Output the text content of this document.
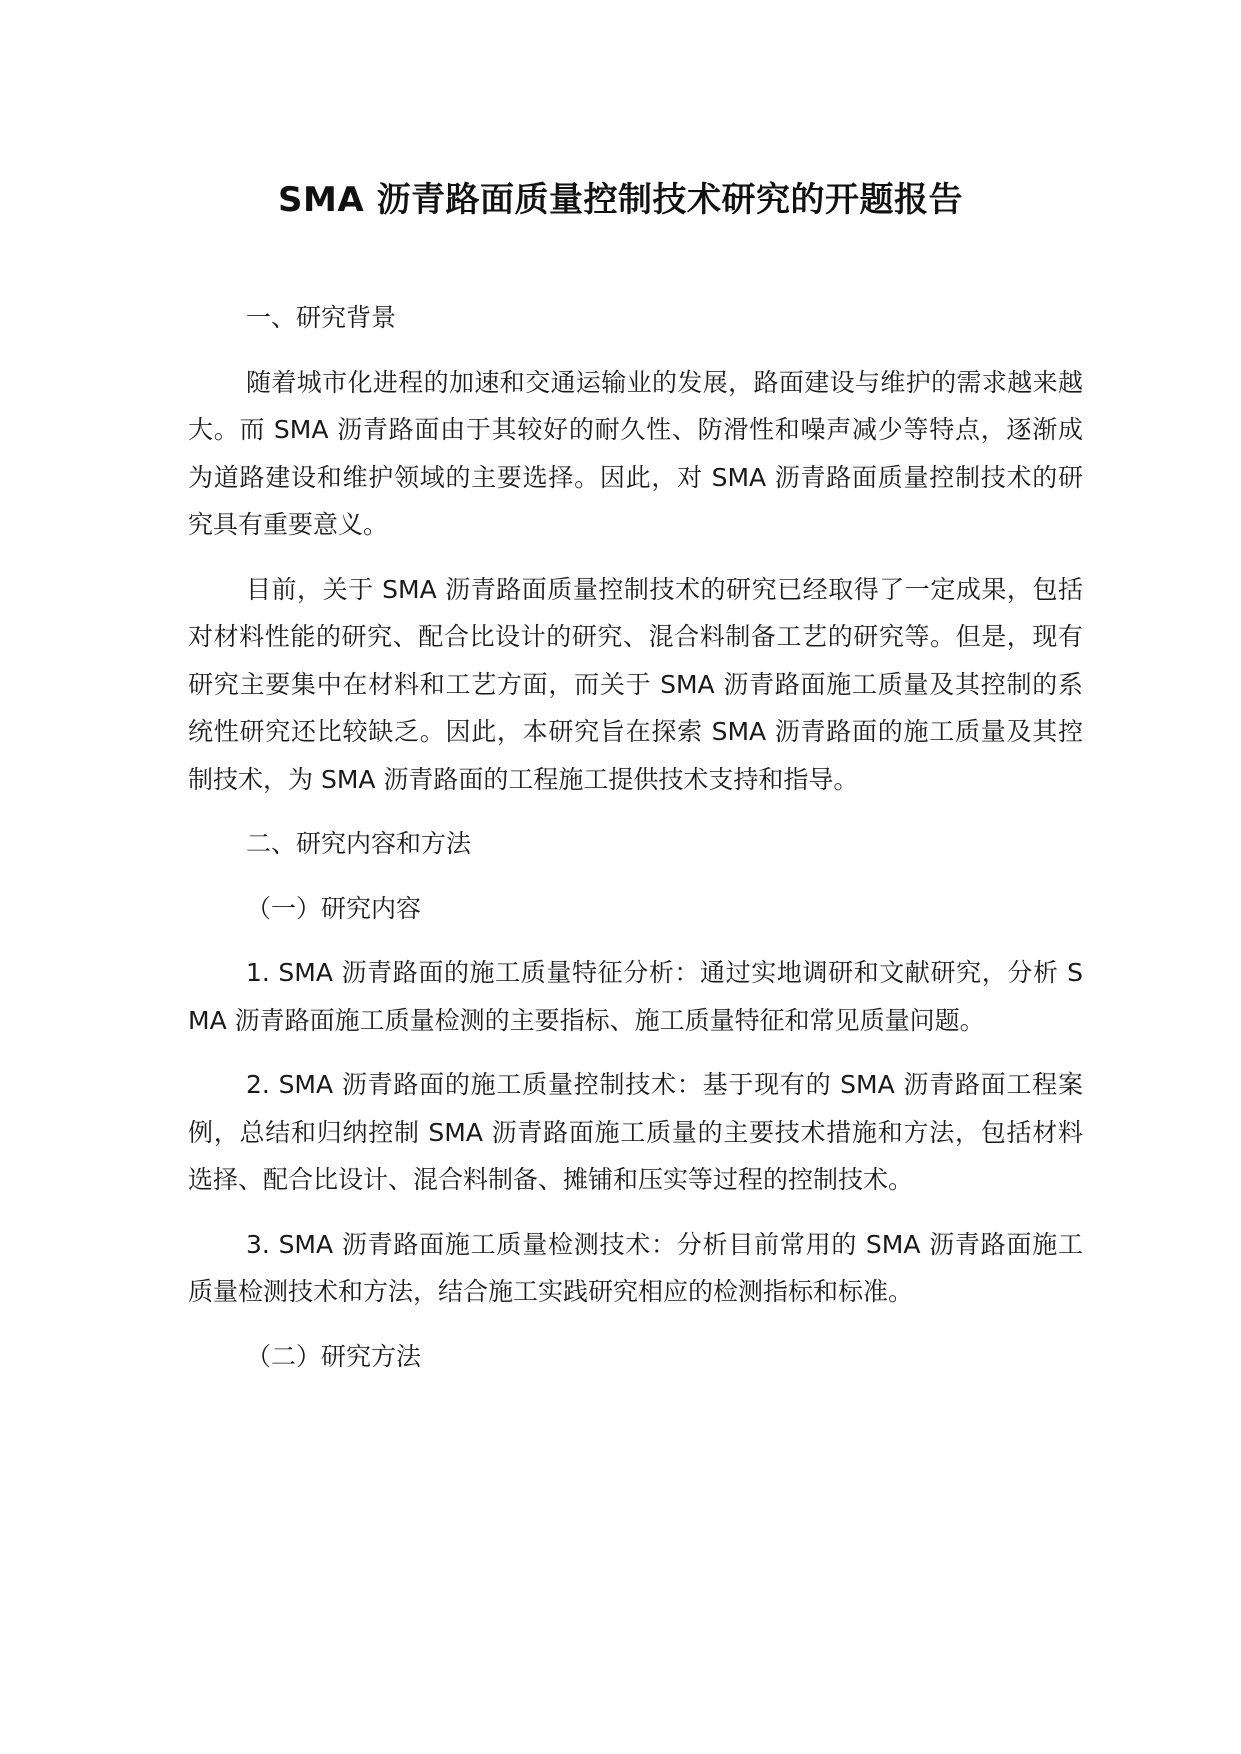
SMA 沥青路面质量控制技术研究的开题报告

一、研究背景

随着城市化进程的加速和交通运输业的发展，路面建设与维护的需求越来越大。而 SMA 沥青路面由于其较好的耐久性、防滑性和噪声减少等特点，逐渐成为道路建设和维护领域的主要选择。因此，对 SMA 沥青路面质量控制技术的研究具有重要意义。

目前，关于 SMA 沥青路面质量控制技术的研究已经取得了一定成果，包括对材料性能的研究、配合比设计的研究、混合料制备工艺的研究等。但是，现有研究主要集中在材料和工艺方面，而关于 SMA 沥青路面施工质量及其控制的系统性研究还比较缺乏。因此，本研究旨在探索 SMA 沥青路面的施工质量及其控制技术，为 SMA 沥青路面的工程施工提供技术支持和指导。

二、研究内容和方法

（一）研究内容

1. SMA 沥青路面的施工质量特征分析：通过实地调研和文献研究，分析 SMA 沥青路面施工质量检测的主要指标、施工质量特征和常见质量问题。

2. SMA 沥青路面的施工质量控制技术：基于现有的 SMA 沥青路面工程案例，总结和归纳控制 SMA 沥青路面施工质量的主要技术措施和方法，包括材料选择、配合比设计、混合料制备、摊铺和压实等过程的控制技术。

3. SMA 沥青路面施工质量检测技术：分析目前常用的 SMA 沥青路面施工质量检测技术和方法，结合施工实践研究相应的检测指标和标准。

（二）研究方法
